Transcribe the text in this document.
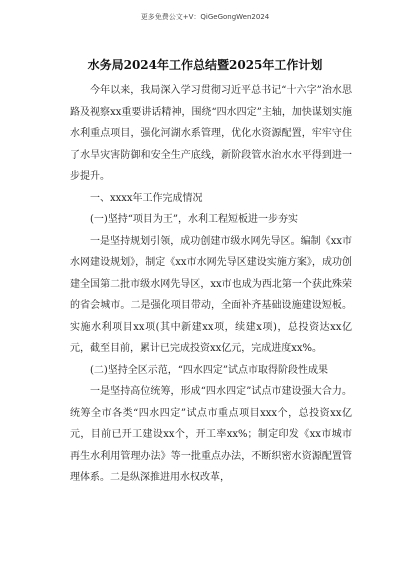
更多免费公文+V：QiGeGongWen2024
水务局2024年工作总结暨2025年工作计划

今年以来，我局深入学习贯彻习近平总书记“十六字”治水思路及视察xx重要讲话精神，围绕“四水四定”主轴，加快谋划实施水利重点项目，强化河湖水系管理，优化水资源配置，牢牢守住了水旱灾害防御和安全生产底线，新阶段管水治水水平得到进一步提升。

一、xxxx年工作完成情况

(一)坚持“项目为王”，水利工程短板进一步夯实

一是坚持规划引领，成功创建市级水网先导区。编制《xx市水网建设规划》，制定《xx市水网先导区建设实施方案》，成功创建全国第二批市级水网先导区，xx市也成为西北第一个获此殊荣的省会城市。二是强化项目带动，全面补齐基础设施建设短板。实施水利项目xx项(其中新建xx项，续建x项)，总投资达xx亿元，截至目前，累计已完成投资xx亿元，完成进度xx%。

(二)坚持全区示范，“四水四定”试点市取得阶段性成果

一是坚持高位统筹，形成“四水四定”试点市建设强大合力。统筹全市各类“四水四定”试点市重点项目xxx个，总投资xx亿元，目前已开工建设xx个，开工率xx%；制定印发《xx市城市再生水利用管理办法》等一批重点办法，不断织密水资源配置管理体系。二是纵深推进用水权改革，
